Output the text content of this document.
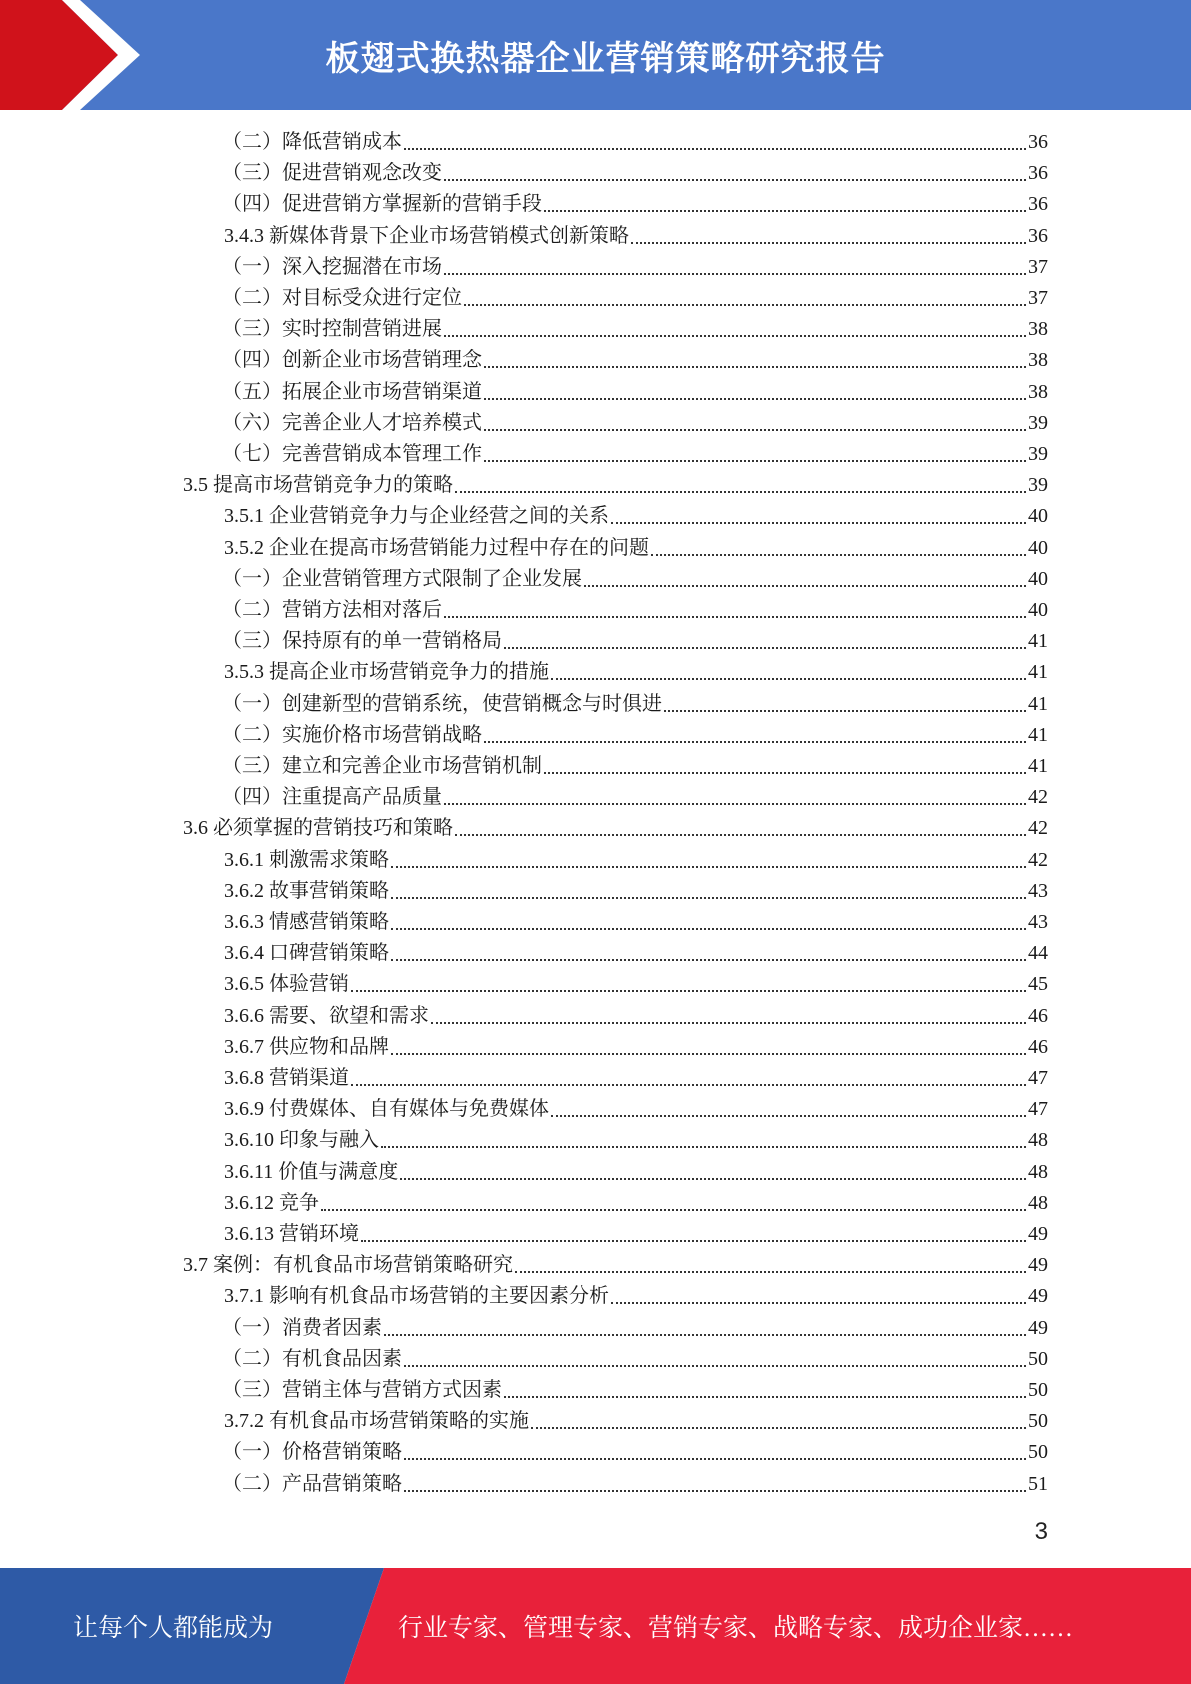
板翅式换热器企业营销策略研究报告
（二）降低营销成本	36
（三）促进营销观念改变	36
（四）促进营销方掌握新的营销手段	36
3.4.3 新媒体背景下企业市场营销模式创新策略	36
（一）深入挖掘潜在市场	37
（二）对目标受众进行定位	37
（三）实时控制营销进展	38
（四）创新企业市场营销理念	38
（五）拓展企业市场营销渠道	38
（六）完善企业人才培养模式	39
（七）完善营销成本管理工作	39
3.5 提高市场营销竞争力的策略	39
3.5.1 企业营销竞争力与企业经营之间的关系	40
3.5.2 企业在提高市场营销能力过程中存在的问题	40
（一）企业营销管理方式限制了企业发展	40
（二）营销方法相对落后	40
（三）保持原有的单一营销格局	41
3.5.3 提高企业市场营销竞争力的措施	41
（一）创建新型的营销系统，使营销概念与时俱进	41
（二）实施价格市场营销战略	41
（三）建立和完善企业市场营销机制	41
（四）注重提高产品质量	42
3.6 必须掌握的营销技巧和策略	42
3.6.1 刺激需求策略	42
3.6.2 故事营销策略	43
3.6.3 情感营销策略	43
3.6.4 口碑营销策略	44
3.6.5 体验营销	45
3.6.6 需要、欲望和需求	46
3.6.7 供应物和品牌	46
3.6.8 营销渠道	47
3.6.9 付费媒体、自有媒体与免费媒体	47
3.6.10 印象与融入	48
3.6.11 价值与满意度	48
3.6.12 竞争	48
3.6.13 营销环境	49
3.7 案例：有机食品市场营销策略研究	49
3.7.1 影响有机食品市场营销的主要因素分析	49
（一）消费者因素	49
（二）有机食品因素	50
（三）营销主体与营销方式因素	50
3.7.2 有机食品市场营销策略的实施	50
（一）价格营销策略	50
（二）产品营销策略	51
3
让每个人都能成为	行业专家、管理专家、营销专家、战略专家、成功企业家……
